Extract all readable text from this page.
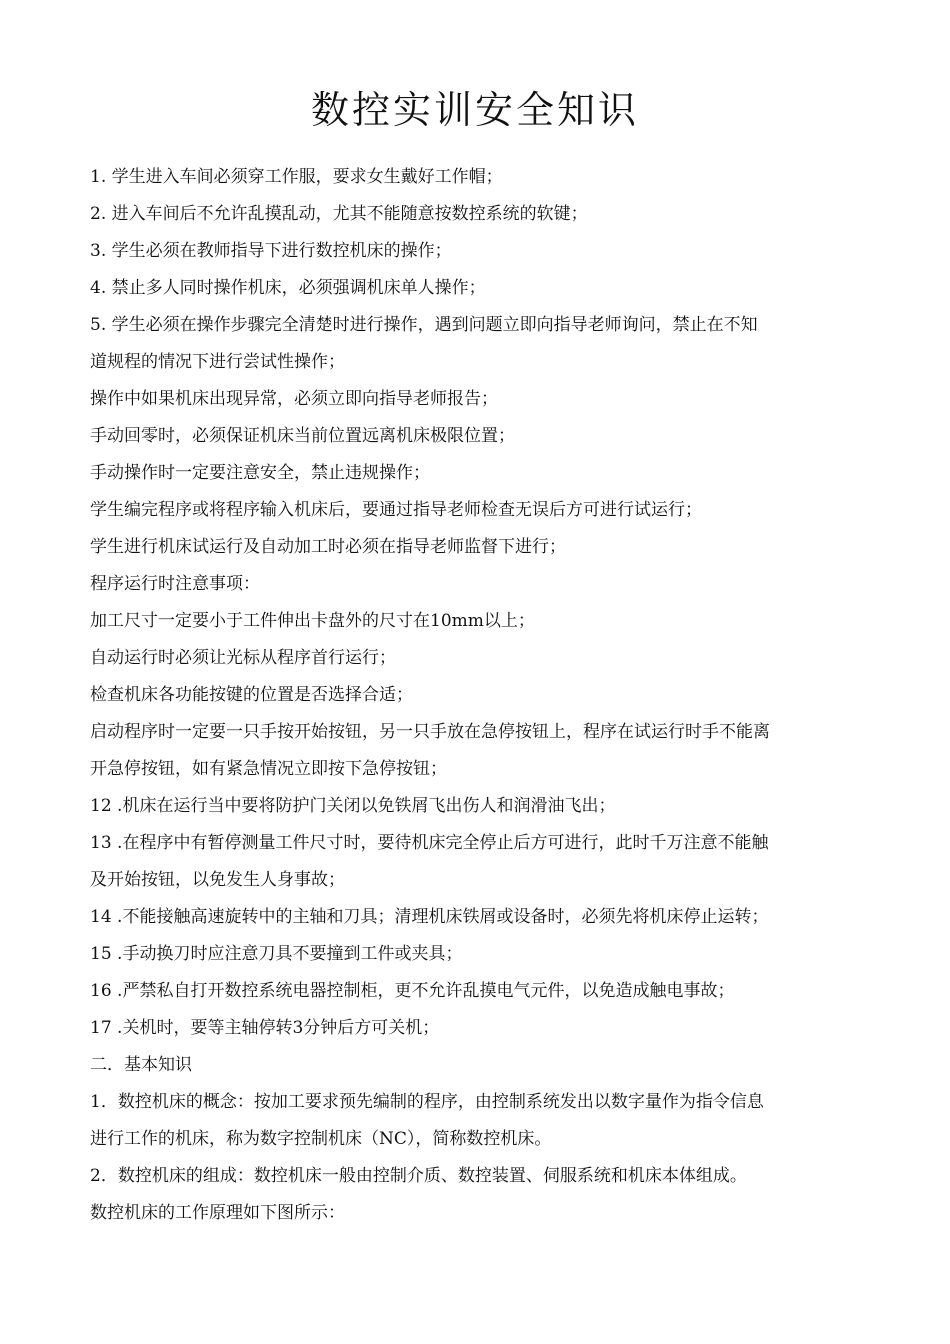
数控实训安全知识
1. 学生进入车间必须穿工作服，要求女生戴好工作帽；
2. 进入车间后不允许乱摸乱动，尤其不能随意按数控系统的软键；
3. 学生必须在教师指导下进行数控机床的操作；
4. 禁止多人同时操作机床，必须强调机床单人操作；
5. 学生必须在操作步骤完全清楚时进行操作，遇到问题立即向指导老师询问，禁止在不知
道规程的情况下进行尝试性操作；
操作中如果机床出现异常，必须立即向指导老师报告；
手动回零时，必须保证机床当前位置远离机床极限位置；
手动操作时一定要注意安全，禁止违规操作；
学生编完程序或将程序输入机床后，要通过指导老师检查无误后方可进行试运行；
学生进行机床试运行及自动加工时必须在指导老师监督下进行；
程序运行时注意事项：
加工尺寸一定要小于工件伸出卡盘外的尺寸在10mm以上；
自动运行时必须让光标从程序首行运行；
检查机床各功能按键的位置是否选择合适；
启动程序时一定要一只手按开始按钮，另一只手放在急停按钮上，程序在试运行时手不能离
开急停按钮，如有紧急情况立即按下急停按钮；
12 .机床在运行当中要将防护门关闭以免铁屑飞出伤人和润滑油飞出；
13 .在程序中有暂停测量工件尺寸时，要待机床完全停止后方可进行，此时千万注意不能触
及开始按钮，以免发生人身事故；
14 .不能接触高速旋转中的主轴和刀具；清理机床铁屑或设备时，必须先将机床停止运转；
15 .手动换刀时应注意刀具不要撞到工件或夹具；
16 .严禁私自打开数控系统电器控制柜，更不允许乱摸电气元件，以免造成触电事故；
17 .关机时，要等主轴停转3分钟后方可关机；
二．基本知识
1．数控机床的概念：按加工要求预先编制的程序，由控制系统发出以数字量作为指令信息
进行工作的机床，称为数字控制机床（NC），简称数控机床。
2．数控机床的组成：数控机床一般由控制介质、数控装置、伺服系统和机床本体组成。
数控机床的工作原理如下图所示：
